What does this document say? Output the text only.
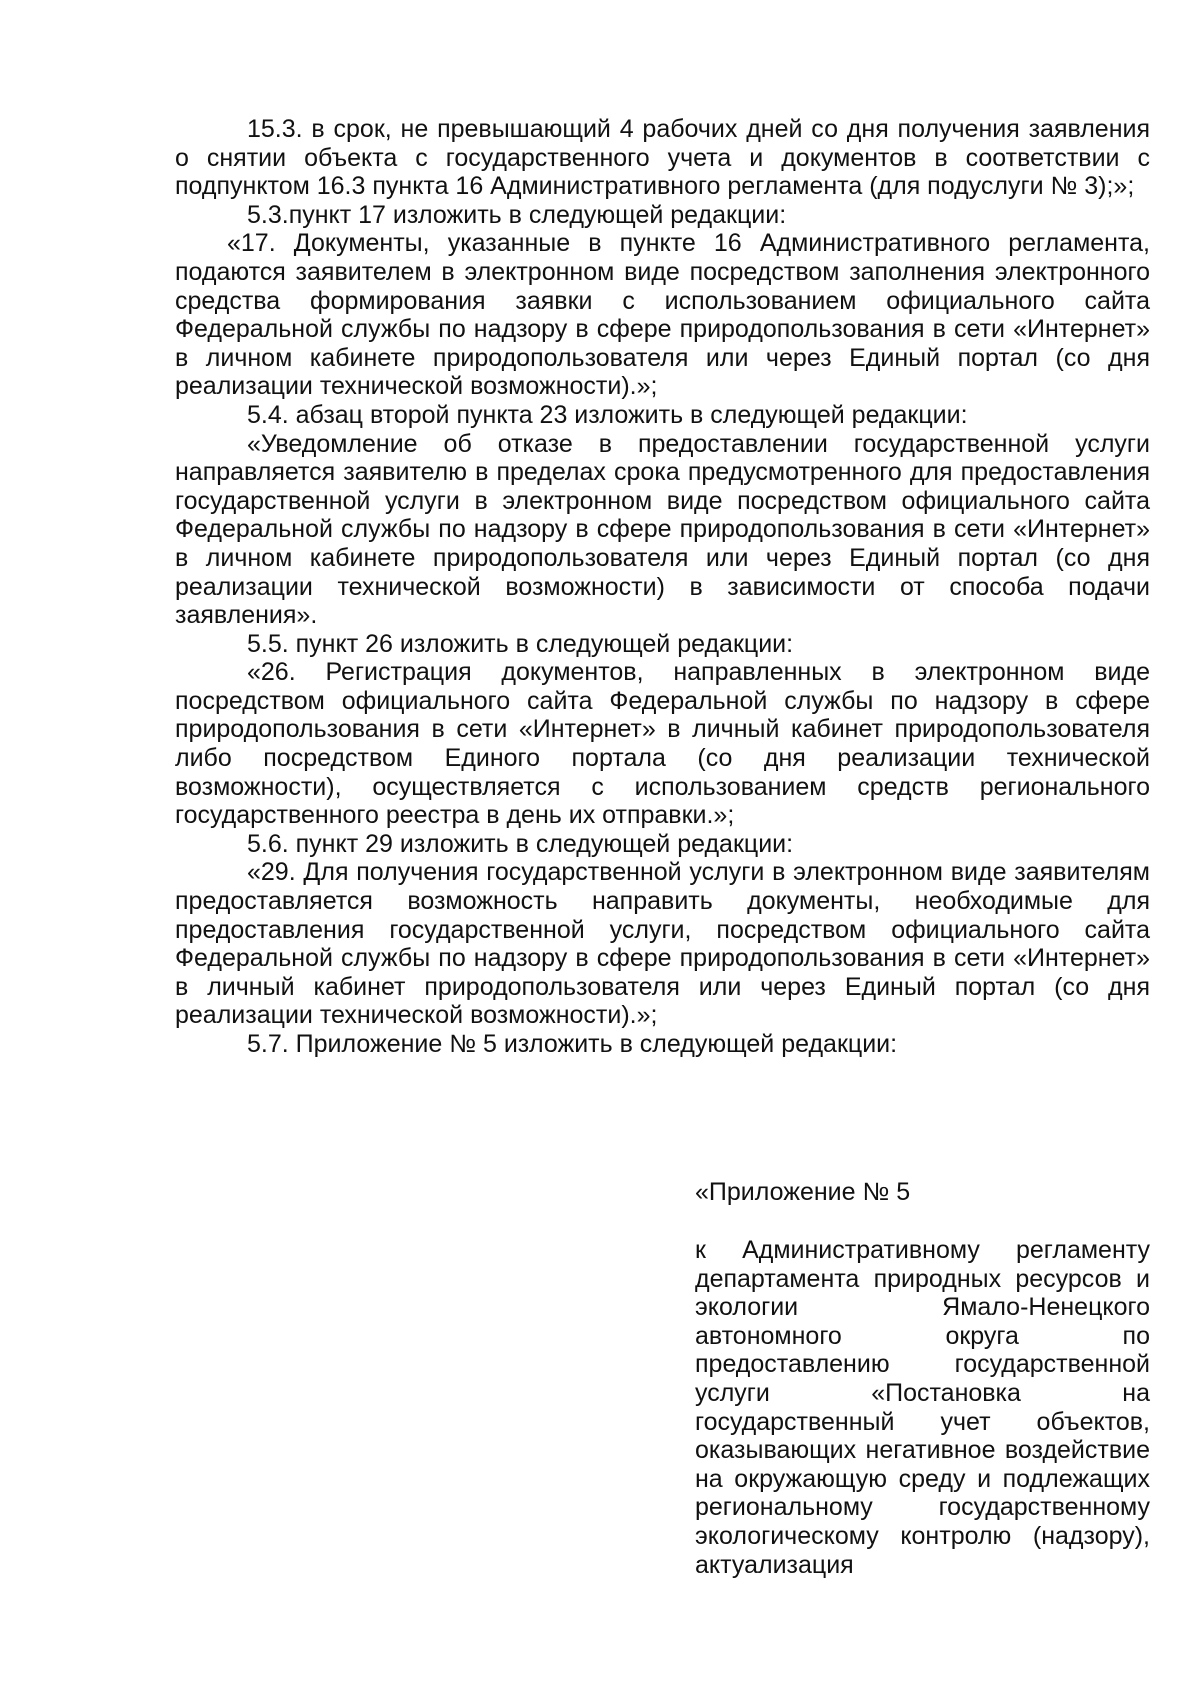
15.3. в срок, не превышающий 4 рабочих дней со дня получения заявления о снятии объекта с государственного учета и документов в соответствии с подпунктом 16.3 пункта 16 Административного регламента (для подуслуги № 3);»;

5.3.пункт 17 изложить в следующей редакции:

«17. Документы, указанные в пункте 16 Административного регламента, подаются заявителем в электронном виде посредством заполнения электронного средства формирования заявки с использованием официального сайта Федеральной службы по надзору в сфере природопользования в сети «Интернет» в личном кабинете природопользователя или через Единый портал (со дня реализации технической возможности).»;

5.4. абзац второй пункта 23 изложить в следующей редакции:

«Уведомление об отказе в предоставлении государственной услуги направляется заявителю в пределах срока предусмотренного для предоставления государственной услуги в электронном виде посредством официального сайта Федеральной службы по надзору в сфере природопользования в сети «Интернет» в личном кабинете природопользователя или через Единый портал (со дня реализации технической возможности) в зависимости от способа подачи заявления».

5.5. пункт 26 изложить в следующей редакции:

«26. Регистрация документов, направленных в электронном виде посредством официального сайта Федеральной службы по надзору в сфере природопользования в сети «Интернет» в личный кабинет природопользователя либо посредством Единого портала (со дня реализации технической возможности), осуществляется с использованием средств регионального государственного реестра в день их отправки.»;

5.6. пункт 29 изложить в следующей редакции:

«29. Для получения государственной услуги в электронном виде заявителям предоставляется возможность направить документы, необходимые для предоставления государственной услуги, посредством официального сайта Федеральной службы по надзору в сфере природопользования в сети «Интернет» в личный кабинет природопользователя или через Единый портал (со дня реализации технической возможности).»;

5.7. Приложение № 5 изложить в следующей редакции:

«Приложение № 5

к Административному регламенту департамента природных ресурсов и экологии Ямало-Ненецкого автономного округа по предоставлению государственной услуги «Постановка на государственный учет объектов, оказывающих негативное воздействие на окружающую среду и подлежащих региональному государственному экологическому контролю (надзору), актуализация
